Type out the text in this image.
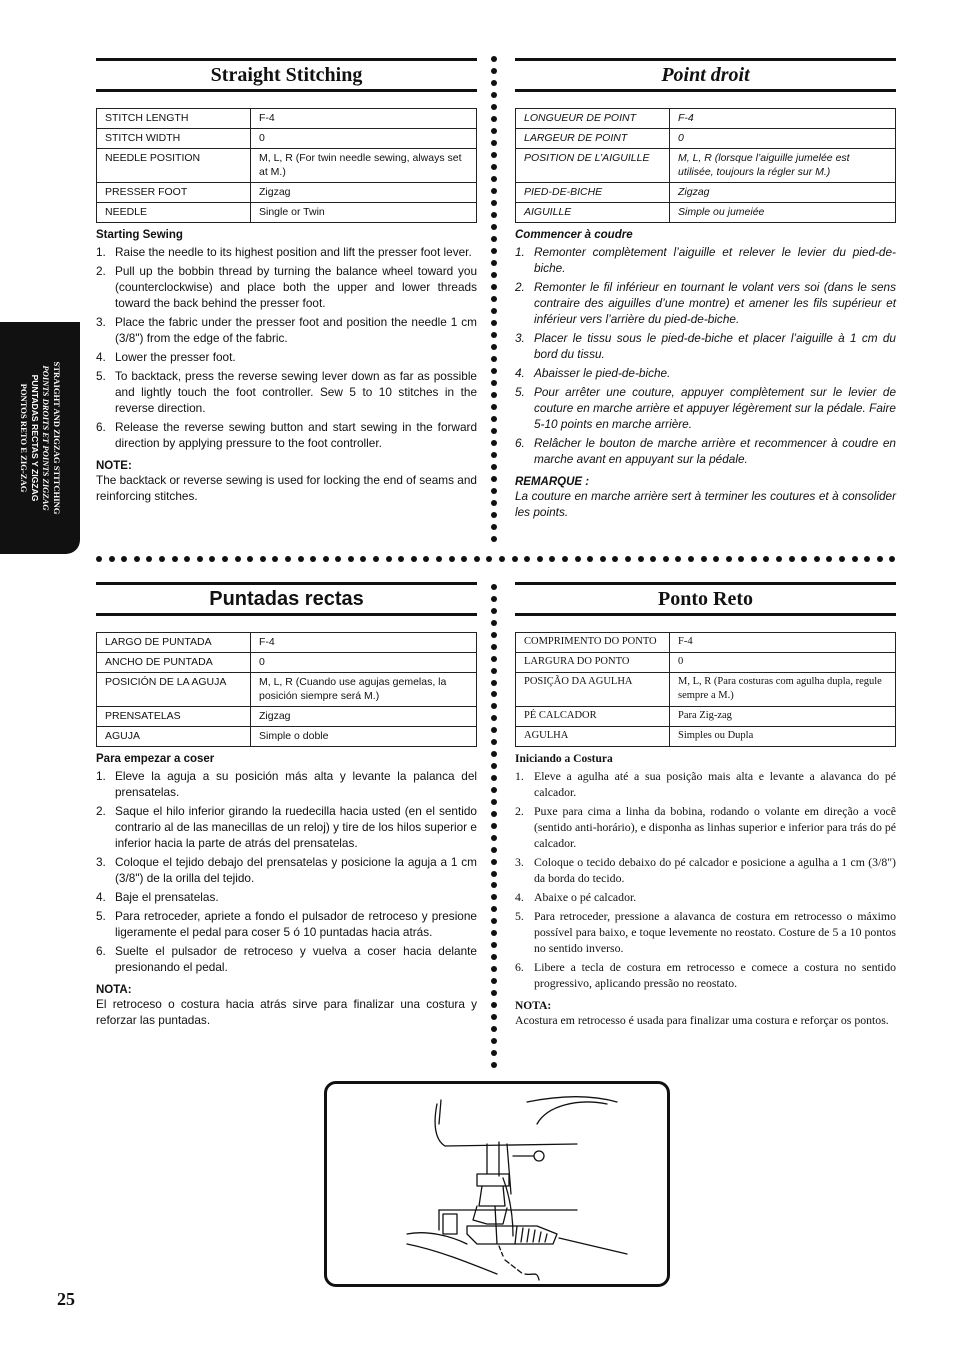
STRAIGHT AND ZIGZAG STITCHING
POINTS DROITS ET POINTS ZIGZAG
PUNTADAS RECTAS Y ZIGZAG
PONTOS RETO E ZIG-ZAG
Straight Stitching
STITCH LENGTH	F-4
STITCH WIDTH	0
NEEDLE POSITION	M, L, R (For twin needle sewing, always set at M.)
PRESSER FOOT	Zigzag
NEEDLE	Single or Twin
Starting Sewing
1. Raise the needle to its highest position and lift the presser foot lever.
2. Pull up the bobbin thread by turning the balance wheel toward you (counterclockwise) and place both the upper and lower threads toward the back behind the presser foot.
3. Place the fabric under the presser foot and position the needle 1 cm (3/8") from the edge of the fabric.
4. Lower the presser foot.
5. To backtack, press the reverse sewing lever down as far as possible and lightly touch the foot controller. Sew 5 to 10 stitches in the reverse direction.
6. Release the reverse sewing button and start sewing in the forward direction by applying pressure to the foot controller.
NOTE:
The backtack or reverse sewing is used for locking the end of seams and reinforcing stitches.
Point droit
LONGUEUR DE POINT	F-4
LARGEUR DE POINT	0
POSITION DE L’AIGUILLE	M, L, R (lorsque l’aiguille jumelée est utilisée, toujours la régler sur M.)
PIED-DE-BICHE	Zigzag
AIGUILLE	Simple ou jumeiée
Commencer à coudre
1. Remonter complètement l’aiguille et relever le levier du pied-de-biche.
2. Remonter le fil inférieur en tournant le volant vers soi (dans le sens contraire des aiguilles d’une montre) et amener les fils supérieur et inférieur vers l’arrière du pied-de-biche.
3. Placer le tissu sous le pied-de-biche et placer l’aiguille à 1 cm du bord du tissu.
4. Abaisser le pied-de-biche.
5. Pour arrêter une couture, appuyer complètement sur le levier de couture en marche arrière et appuyer légèrement sur la pédale. Faire 5-10 points en marche arrière.
6. Relâcher le bouton de marche arrière et recommencer à coudre en marche avant en appuyant sur la pédale.
REMARQUE :
La couture en marche arrière sert à terminer les coutures et à consolider les points.
Puntadas rectas
LARGO DE PUNTADA	F-4
ANCHO DE PUNTADA	0
POSICIÓN DE LA AGUJA	M, L, R (Cuando use agujas gemelas, la posición siempre será M.)
PRENSATELAS	Zigzag
AGUJA	Simple o doble
Para empezar a coser
1. Eleve la aguja a su posición más alta y levante la palanca del prensatelas.
2. Saque el hilo inferior girando la ruedecilla hacia usted (en el sentido contrario al de las manecillas de un reloj) y tire de los hilos superior e inferior hacia la parte de atrás del prensatelas.
3. Coloque el tejido debajo del prensatelas y posicione la aguja a 1 cm (3/8") de la orilla del tejido.
4. Baje el prensatelas.
5. Para retroceder, apriete a fondo el pulsador de retroceso y presione ligeramente el pedal para coser 5 ó 10 puntadas hacia atrás.
6. Suelte el pulsador de retroceso y vuelva a coser hacia delante presionando el pedal.
NOTA:
El retroceso o costura hacia atrás sirve para finalizar una costura y reforzar las puntadas.
Ponto Reto
COMPRIMENTO DO PONTO	F-4
LARGURA DO PONTO	0
POSIÇÃO DA AGULHA	M, L, R (Para costuras com agulha dupla, regule sempre a M.)
PÉ CALCADOR	Para Zig-zag
AGULHA	Simples ou Dupla
Iniciando a Costura
1. Eleve a agulha até a sua posição mais alta e levante a alavanca do pé calcador.
2. Puxe para cima a linha da bobina, rodando o volante em direção a você (sentido anti-horário), e disponha as linhas superior e inferior para trás do pé calcador.
3. Coloque o tecido debaixo do pé calcador e posicione a agulha a 1 cm (3/8") da borda do tecido.
4. Abaixe o pé calcador.
5. Para retroceder, pressione a alavanca de costura em retrocesso o máximo possível para baixo, e toque levemente no reostato. Costure de 5 a 10 pontos no sentido inverso.
6. Libere a tecla de costura em retrocesso e comece a costura no sentido progressivo, aplicando pressão no reostato.
NOTA:
Acostura em retrocesso é usada para finalizar uma costura e reforçar os pontos.
25
